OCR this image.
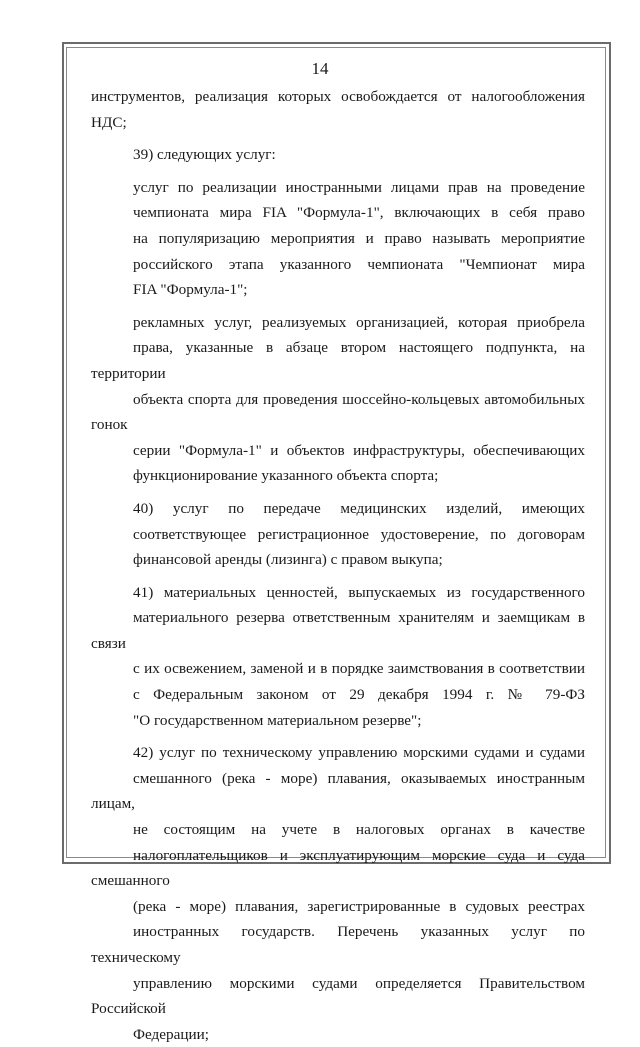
14

инструментов, реализация которых освобождается от налогообложения
НДС;

39) следующих услуг:

услуг по реализации иностранными лицами прав на проведение
чемпионата мира FIA "Формула-1", включающих в себя право
на популяризацию мероприятия и право называть мероприятие
российского этапа указанного чемпионата "Чемпионат мира
FIA "Формула-1";

рекламных услуг, реализуемых организацией, которая приобрела
права, указанные в абзаце втором настоящего подпункта, на территории
объекта спорта для проведения шоссейно-кольцевых автомобильных гонок
серии "Формула-1" и объектов инфраструктуры, обеспечивающих
функционирование указанного объекта спорта;

40) услуг по передаче медицинских изделий, имеющих
соответствующее регистрационное удостоверение, по договорам
финансовой аренды (лизинга) с правом выкупа;

41) материальных ценностей, выпускаемых из государственного
материального резерва ответственным хранителям и заемщикам в связи
с их освежением, заменой и в порядке заимствования в соответствии
с Федеральным законом от 29 декабря 1994 г. № 79-ФЗ
"О государственном материальном резерве";

42) услуг по техническому управлению морскими судами и судами
смешанного (река - море) плавания, оказываемых иностранным лицам,
не состоящим на учете в налоговых органах в качестве
налогоплательщиков и эксплуатирующим морские суда и суда смешанного
(река - море) плавания, зарегистрированные в судовых реестрах
иностранных государств. Перечень указанных услуг по техническому
управлению морскими судами определяется Правительством Российской
Федерации;
